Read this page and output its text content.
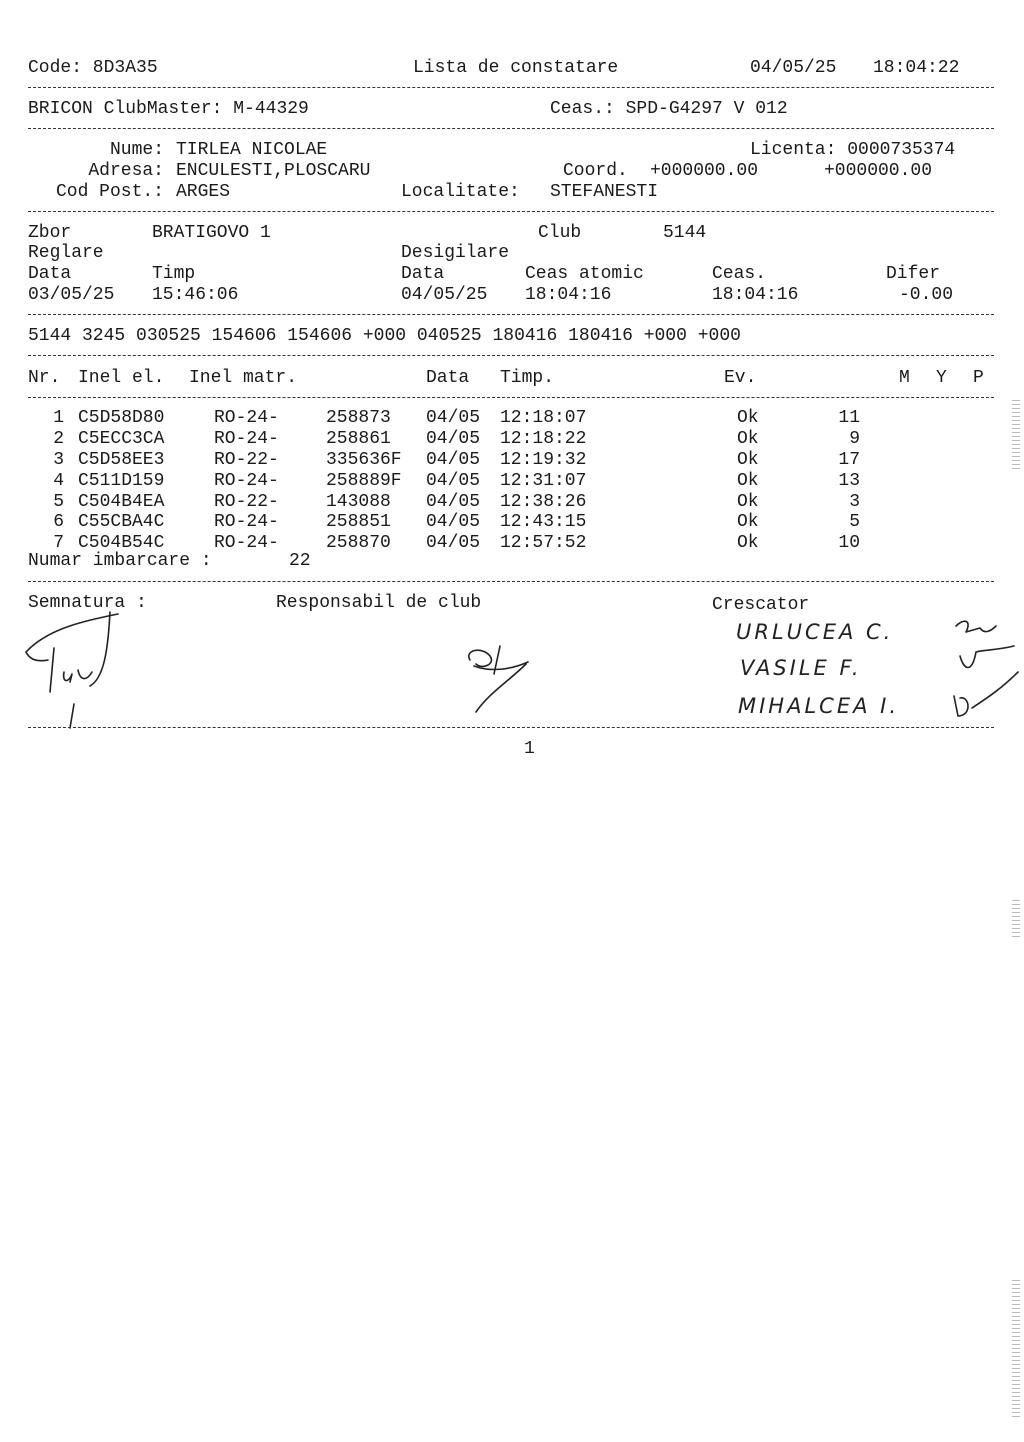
Code: 8D3A35	Lista de constatare	04/05/25 18:04:22
BRICON ClubMaster: M-44329	Ceas.: SPD-G4297 V 012
Nume: TIRLEA NICOLAE	Licenta: 0000735374
Adresa: ENCULESTI,PLOSCARU	Coord. +000000.00	+000000.00
Cod Post.: ARGES	Localitate: STEFANESTI
Zbor	BRATIGOVO 1	Club	5144
Reglare	Desigilare
Data	Timp	Data	Ceas atomic	Ceas.	Difer
03/05/25 15:46:06	04/05/25 18:04:16	18:04:16	-0.00
5144 3245 030525 154606 154606 +000 040525 180416 180416 +000 +000
Nr. Inel el. Inel matr.	Data Timp.	Ev.	M Y P
1 C5D58D80	RO-24-	258873 04/05 12:18:07	Ok	11
2 C5ECC3CA	RO-24-	258861 04/05 12:18:22	Ok	9
3 C5D58EE3	RO-22-	335636F 04/05 12:19:32	Ok	17
4 C511D159	RO-24-	258889F 04/05 12:31:07	Ok	13
5 C504B4EA	RO-22-	143088 04/05 12:38:26	Ok	3
6 C55CBA4C	RO-24-	258851 04/05 12:43:15	Ok	5
7 C504B54C	RO-24-	258870 04/05 12:57:52	Ok	10
Numar imbarcare :	22
Semnatura :	Responsabil de club	Crescator
URLUCEA C.
VASILE F.
MIHALCEA I.
1
